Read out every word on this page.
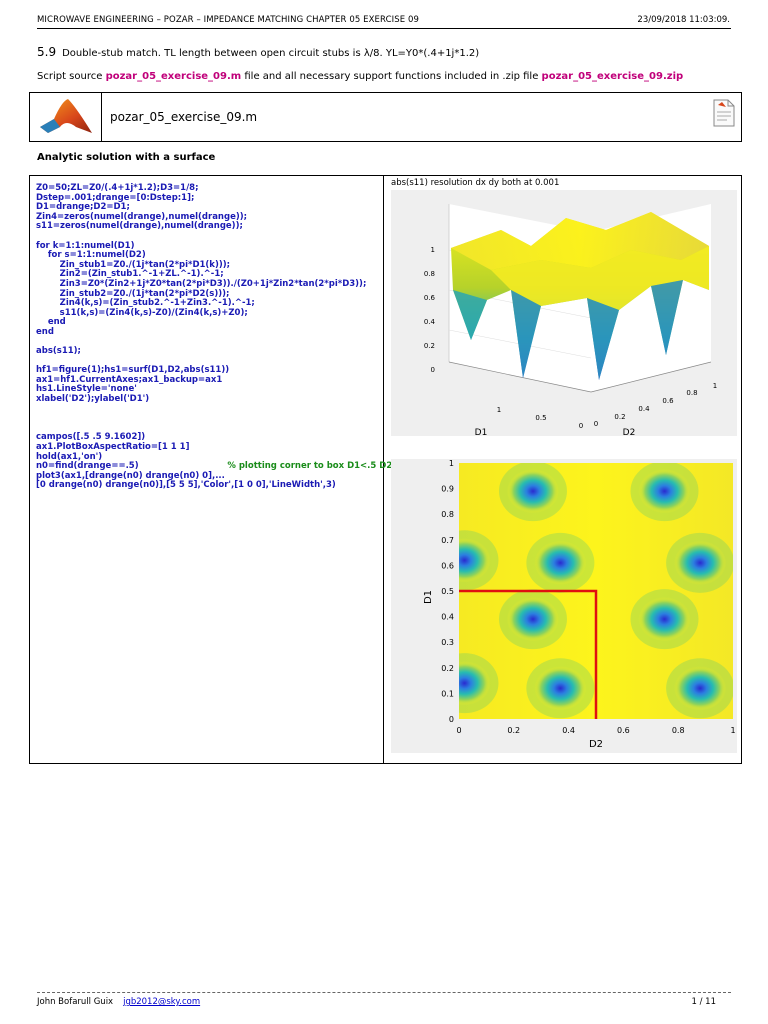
MICROWAVE ENGINEERING – POZAR – IMPEDANCE MATCHING CHAPTER 05 EXERCISE 09	23/09/2018 11:03:09.
5.9 Double-stub match. TL length between open circuit stubs is λ/8. YL=Y0*(.4+1j*1.2)
Script source pozar_05_exercise_09.m file and all necessary support functions included in .zip file pozar_05_exercise_09.zip
pozar_05_exercise_09.m
Analytic solution with a surface
Z0=50;ZL=Z0/(.4+1j*1.2);D3=1/8;
Dstep=.001;drange=[0:Dstep:1];
D1=drange;D2=D1;
Zin4=zeros(numel(drange),numel(drange));
s11=zeros(numel(drange),numel(drange));

for k=1:1:numel(D1)
for s=1:1:numel(D2)
Zin_stub1=Z0./(1j*tan(2*pi*D1(k)));
Zin2=(Zin_stub1.^-1+ZL.^-1).^-1;
Zin3=Z0*(Zin2+1j*Z0*tan(2*pi*D3))./(Z0+1j*Zin2*tan(2*pi*D3));
Zin_stub2=Z0./(1j*tan(2*pi*D2(s)));
Zin4(k,s)=(Zin_stub2.^-1+Zin3.^-1).^-1;
s11(k,s)=(Zin4(k,s)-Z0)/(Zin4(k,s)+Z0);
end
end

abs(s11);

hf1=figure(1);hs1=surf(D1,D2,abs(s11))
ax1=hf1.CurrentAxes;ax1_backup=ax1
hs1.LineStyle='none'
xlabel('D2');ylabel('D1')

campos([.5 .5 9.1602])
ax1.PlotBoxAspectRatio=[1 1 1]
hold(ax1,'on')
n0=find(drange==.5)	% plotting corner to box D1<.5 D2<.5
plot3(ax1,[drange(n0) drange(n0) 0],...
[0 drange(n0) drange(n0)],[5 5 5],'Color',[1 0 0],'LineWidth',3)
abs(s11) resolution dx dy both at 0.001
1
0.8
0.6
0.4
0.2
0
1
0.5
0 0
0.2
0.4
0.6
0.8
1
D1	D2
0	0.2	0.4	0.6	0.8	1
0
0.1
0.2
0.3
0.4
0.5
0.6
0.7
0.8
0.9
1
D2
D1
John Bofarull Guix jgb2012@sky.com	1 / 11
